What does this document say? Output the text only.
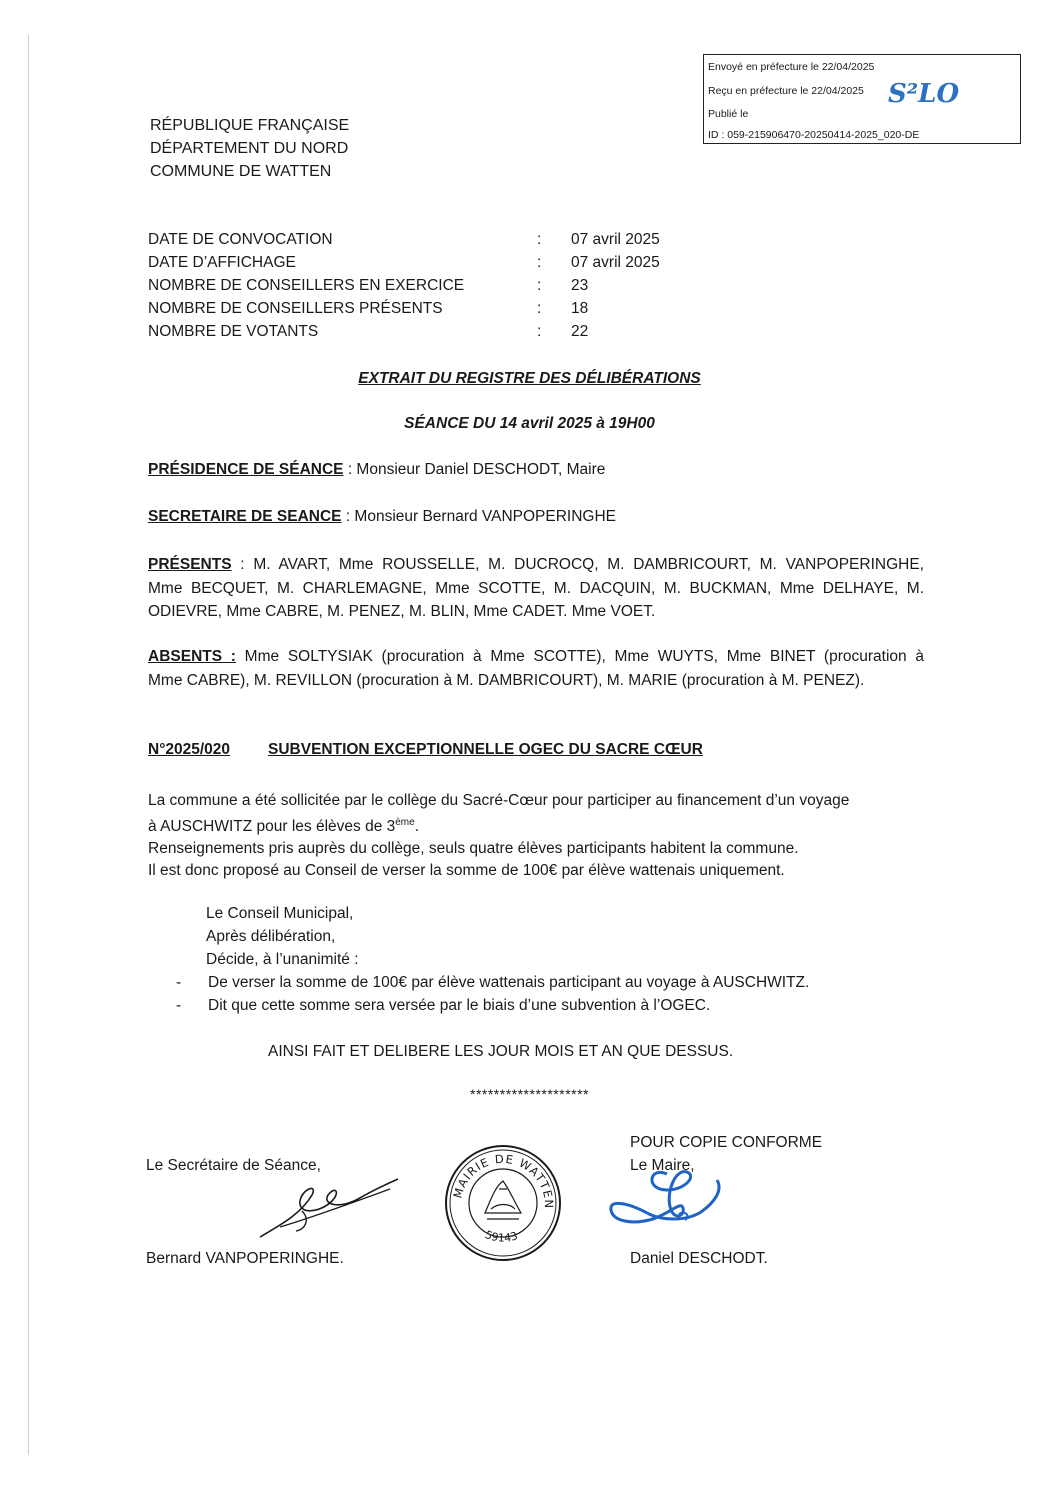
Envoyé en préfecture le 22/04/2025
Reçu en préfecture le 22/04/2025
Publié le
S²LO
ID : 059-215906470-20250414-2025_020-DE
RÉPUBLIQUE FRANÇAISE
DÉPARTEMENT DU NORD
COMMUNE DE WATTEN
DATE DE CONVOCATION	: 07 avril 2025
DATE D’AFFICHAGE	: 07 avril 2025
NOMBRE DE CONSEILLERS EN EXERCICE	: 23
NOMBRE DE CONSEILLERS PRÉSENTS	: 18
NOMBRE DE VOTANTS	: 22
EXTRAIT DU REGISTRE DES DÉLIBÉRATIONS
SÉANCE DU 14 avril 2025 à 19H00
PRÉSIDENCE DE SÉANCE : Monsieur Daniel DESCHODT, Maire
SECRETAIRE DE SEANCE : Monsieur Bernard VANPOPERINGHE
PRÉSENTS : M. AVART, Mme ROUSSELLE, M. DUCROCQ, M. DAMBRICOURT, M. VANPOPERINGHE,
Mme BECQUET, M. CHARLEMAGNE, Mme SCOTTE, M. DACQUIN, M. BUCKMAN, Mme DELHAYE, M.
ODIEVRE, Mme CABRE, M. PENEZ, M. BLIN, Mme CADET. Mme VOET.
ABSENTS : Mme SOLTYSIAK (procuration à Mme SCOTTE), Mme WUYTS, Mme BINET (procuration à
Mme CABRE), M. REVILLON (procuration à M. DAMBRICOURT), M. MARIE (procuration à M. PENEZ).
N°2025/020 SUBVENTION EXCEPTIONNELLE OGEC DU SACRE CŒUR
La commune a été sollicitée par le collège du Sacré-Cœur pour participer au financement d’un voyage
à AUSCHWITZ pour les élèves de 3ème.
Renseignements pris auprès du collège, seuls quatre élèves participants habitent la commune.
Il est donc proposé au Conseil de verser la somme de 100€ par élève wattenais uniquement.
Le Conseil Municipal,
Après délibération,
Décide, à l’unanimité :
- De verser la somme de 100€ par élève wattenais participant au voyage à AUSCHWITZ.
- Dit que cette somme sera versée par le biais d’une subvention à l’OGEC.
AINSI FAIT ET DELIBERE LES JOUR MOIS ET AN QUE DESSUS.
********************
Le Secrétaire de Séance,
Bernard VANPOPERINGHE.
MAIRIE DE WATTEN
59143
POUR COPIE CONFORME
Le Maire,
Daniel DESCHODT.
